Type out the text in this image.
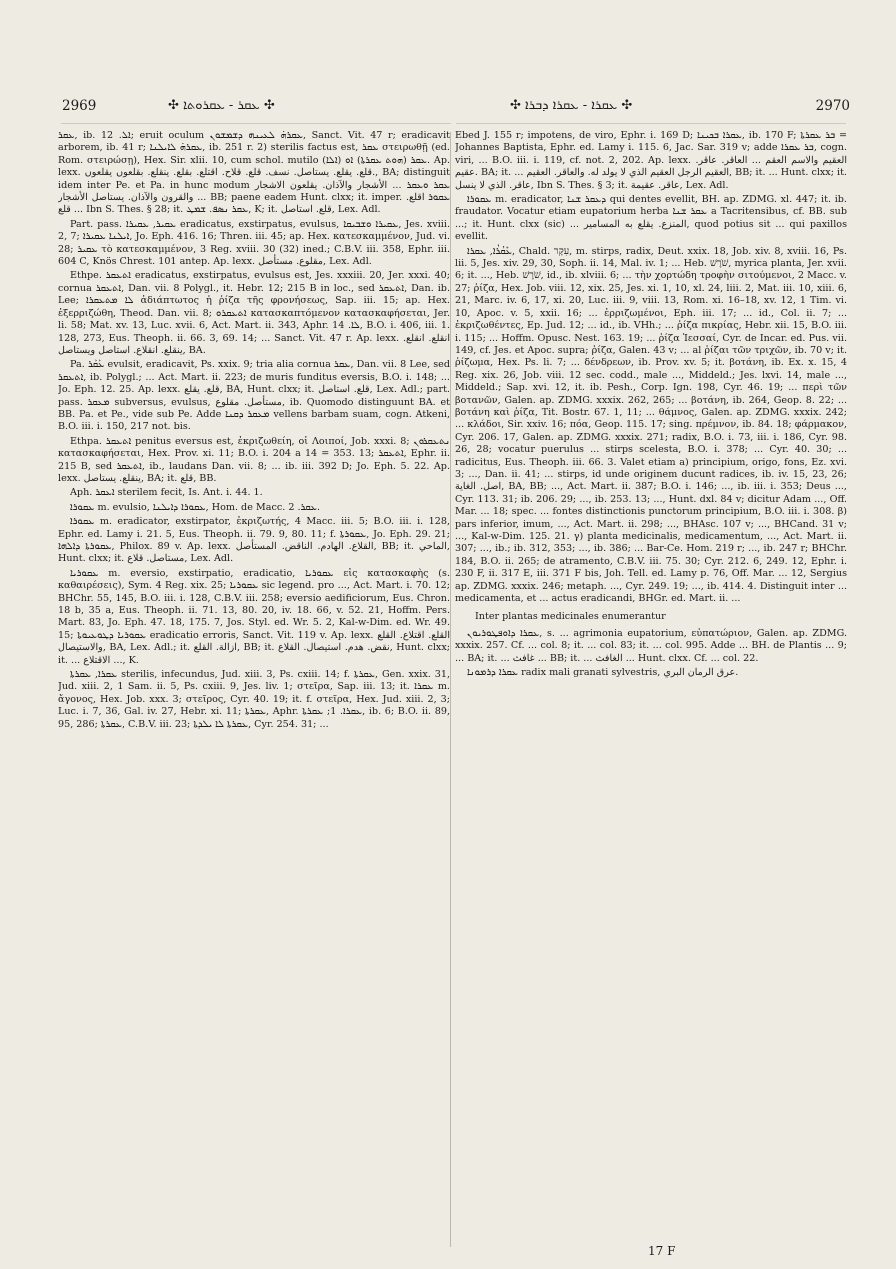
2969	✣ ܥܩܪ - ܥܩܪܘܬܐ ✣	✣ ܥܩܪܐ - ܥܩܪܐ ܕܒܪܐ ✣	2970

ܥܩܪ, ib. ܐܠ. 12; eruit oculum ܥܩܪܗ̇ ܠܥܝܢܗ ܕܫܡܫܘܢ, Sanct. Vit. 47 r; eradicavit arborem, ib. 41 r; ܥܩܪܗ̇ ܠܐܝܠܢܐ, ib. 251 r. 2) sterilis factus est, ܥܩܪ στειρωθῇ (ed. Rom. στειρώσῃ), Hex. Sir. xlii. 10, cum schol. mutilo (ܐܠܐ) ܥܩܪ (ܗܘܬ ܥܩܪܬܐ) ܐܘ. Ap. lexx. قلع. يقلع. يستاصل. نسف. قلع. قلاح. اقتلع. بقلع. ينقلع. بقلعوں يقلعوں., BA; distinguit idem inter Pe. et Pa. in hunc modum ܥܩܪ ܘܥܩܪ ... الأشجار والآذان. يقلعون الاشجار والقرون والآذان. يستاصل الأشجار ... BB; paene eadem Hunt. clxx; it. imper. ܥܩܘܪ اقلع. قلع ... Ibn S. Thes. § 28; it. ܥܩܪ ܢܣܦ. ܫܡܛ, K; it. قلع. استاصل, Lex. Adl.

Part. pass. ܥܩܝܪ, ܥܩܝܪܐ eradicatus, exstirpatus, evulsus, ܥܩܝܪܐ ܘܫܒܝܩܐ, Jes. xviii. 2, 7; ܐܝܠܢܐ ܥܩܝܪܐ, Jo. Eph. 416. 16; Thren. iii. 45; ap. Hex. κατεσκαμμένον, Jud. vi. 28; ܥܩܝܪ τὸ κατεσκαμμένον, 3 Reg. xviii. 30 (32) ined.; C.B.V. iii. 358, Ephr. iii. 604 C, Knös Chrest. 101 antep. Ap. lexx. مقلوع. مستأصل, Lex. Adl.

Ethpe. ܐܬܥܩܪ eradicatus, exstirpatus, evulsus est, Jes. xxxiii. 20, Jer. xxxi. 40; cornua ܐܬܥܩܪ, Dan. vii. 8 Polygl., it. Hebr. 12; 215 B in loc., sed ܐܬܥܩܪ, Dan. ib. Lee; ܠܐ ܡܬܥܩܪܐ ἀδιάπτωτος ἡ ῥίζα τῆς φρονήσεως, Sap. iii. 15; ap. Hex. ἐξερριζώθη, Theod. Dan. vii. 8; ܐܬܥܩܪܘ κατασκαπτόμενον κατασκαφήσεται, Jer. li. 58; Mat. xv. 13, Luc. xvii. 6, Act. Mart. ii. 343, Aphr. ܠܐ. 14, B.O. i. 406, iii. 1. 128, 273, Eus. Theoph. ii. 66. 3, 69. 14; ... Sanct. Vit. 47 r. Ap. lexx. انقلع. انقلع. ينقلع. انقلاع. استاصل ويستاصل, BA.

Pa. ܥܰܩܰܪ evulsit, eradicavit, Ps. xxix. 9; tria alia cornua ܥܩܪ, Dan. vii. 8 Lee, sed ܐܬܥܩܪ, ib. Polygl.; ... Act. Mart. ii. 223; de muris funditus eversis, B.O. i. 148; ... Jo. Eph. 12. 25. Ap. lexx. قلع. يقلع, BA, Hunt. clxx; it. قلع. استاصل, Lex. Adl.; part. pass. ܡܥܩܪ subversus, evulsus, مستأصل. مقلوع, ib. Quomodo distinguunt BA. et BB. Pa. et Pe., vide sub Pe. Adde ܡܥܩܪ ܕܩܢܐ vellens barbam suam, cogn. Atkeni, B.O. iii. i. 150, 217 not. bis.

Ethpa. ܐܬܥܩܪ penitus eversus est, ἐκριζωθείη, οἱ Λοιποί, Job. xxxi. 8; ܢܬܥܩܪܘܢ κατασκαφήσεται, Hex. Prov. xi. 11; B.O. i. 204 a 14 = 353. 13; ܐܬܥܩܪ, Ephr. ii. 215 B, sed ܐܬܥܩܪ, ib., laudans Dan. vii. 8; ... ib. iii. 392 D; Jo. Eph. 5. 22. Ap. lexx. ينقلع. يستاصل, BA; it. قلع, BB.

Aph. ܐܥܩܪ sterilem fecit, Is. Ant. i. 44. 1.

ܥܩܘܪܐ m. evulsio, ܥܩܘܪܐ ܕܐܝܠܢܐ, Hom. de Macc. ܥܩܪ. 2.

ܥܩܘܪܐ m. eradicator, exstirpator, ἐκριζωτής, 4 Macc. iii. 5; B.O. iii. i. 128, Ephr. ed. Lamy i. 21. 5, Eus. Theoph. ii. 79. 9, 80. 11; f. ܥܩܘܪܬܐ, Jo. Eph. 29. 21; ܥܩܘܪܬܐ ܕܐܠܗܐ, Philox. 89 v. Ap. lexx. القلاع. الهادم. الناقض. المستأصل, BB; it. الماحي, Hunt. clxx; it. مستاصل. قلاع, Lex. Adl.

ܥܩܘܪܝܐ m. eversio, exstirpatio, eradicatio, ܥܩܘܪܝܐ εἰς κατασκαφὴς (s. καθαιρέσεις), Sym. 4 Reg. xix. 25; ܥܩܘܪܝܐ sic legend. pro ..., Act. Mart. i. 70. 12; BHChr. 55, 145, B.O. iii. i. 128, C.B.V. iii. 258; eversio aedificiorum, Eus. Chron. 18 b, 35 a, Eus. Theoph. ii. 71. 13, 80. 20, iv. 18. 66, v. 52. 21, Hoffm. Pers. Mart. 83, Jo. Eph. 47. 18, 175. 7, Jos. Styl. ed. Wr. 5. 2, Kal-w-Dim. ed. Wr. 49. 15; ܥܩܘܪܝܐ ܕܛܘܥܝܘܬܐ eradicatio erroris, Sanct. Vit. 119 v. Ap. lexx. القلع. اقتلاع. القلع والاستيصال, BA, Lex. Adl.; it. ازالة. القلع, BB; it. نقض. هدم. استيصال. القلاع, Hunt. clxx; it. ... الاقتلاع ..., K.

ܥܩܪܐ, ܥܩܪܬܐ sterilis, infecundus, Jud. xiii. 3, Ps. cxiii. 14; f. ܥܩܪܬܐ, Gen. xxix. 31, Jud. xiii. 2, 1 Sam. ii. 5, Ps. cxiii. 9, Jes. liv. 1; στεῖρα, Sap. iii. 13; it. ܥܩܪܐ m. ἄγονος, Hex. Job. xxx. 3; στεῖρος, Cyr. 40. 19; it. f. στεῖρα, Hex. Jud. xiii. 2, 3; Luc. i. 7, 36, Gal. iv. 27, Hebr. xi. 11; ܥܩܪܬܐ, Aphr. ܥܩܪܐ. 1; ܥܩܪܬܐ, ib. 6; B.O. ii. 89, 95, 286; ܥܩܪܬܐ, C.B.V. iii. 23; ܥܩܪܬܐ ܠܐ ܝܠܕܬܐ, Cyr. 254. 31; ...

Ebed J. 155 r; impotens, de viro, Ephr. i. 169 D; ܥܩܪܐ ܒܟܝܢܐ, ib. 170 F; ܒܪ ܥܩܪܬܐ = Johannes Baptista, Ephr. ed. Lamy i. 115. 6, Jac. Sar. 319 v; adde ܒܪ ܥܩܪܐ, cogn. viri, ... B.O. iii. i. 119, cf. not. 2, 202. Ap. lexx. العقيم والاسم العقم ... العاقر. عاقر. عقيم. BA; it. ... العقيم الرجل العقيم الذي لا يولد له. والعاقر. العقيم, BB; it. ... Hunt. clxx; it. عاقر. الذي لا ينسل, Ibn S. Thes. § 3; it. عاقر. عقيمة, Lex. Adl.

ܥܩܘܪܐ m. eradicator, ܕܥܩܪ ܫܢܐ qui dentes evellit, BH. ap. ZDMG. xl. 447; it. ib. fraudator. Vocatur etiam eupatorium herba ܥܩܪ ܫܢܐ a Tacritensibus, cf. BB. sub ...; it. Hunt. clxx (sic) ... المنزع. يقلع به المسامير, quod potius sit ... qui paxillos evellit.

ܥܶܩܳܪܳܐ, ܥܩܪܐ, Chald. עִקָּר, m. stirps, radix, Deut. xxix. 18, Job. xiv. 8, xviii. 16, Ps. lii. 5, Jes. xiv. 29, 30, Soph. ii. 14, Mal. iv. 1; ... Heb. שֹׁרֶשׁ, myrica planta, Jer. xvii. 6; it. ..., Heb. שֹׁרֶשׁ, id., ib. xlviii. 6; ... τὴν χορτώδη τροφὴν σιτούμενοι, 2 Macc. v. 27; ῥίζα, Hex. Job. viii. 12, xix. 25, Jes. xi. 1, 10, xl. 24, liii. 2, Mat. iii. 10, xiii. 6, 21, Marc. iv. 6, 17, xi. 20, Luc. iii. 9, viii. 13, Rom. xi. 16–18, xv. 12, 1 Tim. vi. 10, Apoc. v. 5, xxii. 16; ... ἐρριζωμένοι, Eph. iii. 17; ... id., Col. ii. 7; ... ἐκριζωθέντες, Ep. Jud. 12; ... id., ib. VHh.; ... ῥίζα πικρίας, Hebr. xii. 15, B.O. iii. i. 115; ... Hoffm. Opusc. Nest. 163. 19; ... ῥίζα Ἰεσσαί, Cyr. de Incar. ed. Pus. vii. 149, cf. Jes. et Apoc. supra; ῥίζα, Galen. 43 v; ... al ῥίζαι τῶν τριχῶν, ib. 70 v; it. ῥίζωμα, Hex. Ps. li. 7; ... δένδρεων, ib. Prov. xv. 5; it. βοτάνη, ib. Ex. x. 15, 4 Reg. xix. 26, Job. viii. 12 sec. codd., male ..., Middeld.; Jes. lxvi. 14, male ..., Middeld.; Sap. xvi. 12, it. ib. Pesh., Corp. Ign. 198, Cyr. 46. 19; ... περὶ τῶν βοτανῶν, Galen. ap. ZDMG. xxxix. 262, 265; ... βοτάνη, ib. 264, Geop. 8. 22; ... βοτάνη καὶ ῥίζα, Tit. Bostr. 67. 1, 11; ... θάμνος, Galen. ap. ZDMG. xxxix. 242; ... κλάδοι, Sir. xxiv. 16; πόα, Geop. 115. 17; sing. πρέμνον, ib. 84. 18; φάρμακον, Cyr. 206. 17, Galen. ap. ZDMG. xxxix. 271; radix, B.O. i. 73, iii. i. 186, Cyr. 98. 26, 28; vocatur puerulus ... stirps scelesta, B.O. i. 378; ... Cyr. 40. 30; ... radicitus, Eus. Theoph. iii. 66. 3. Valet etiam a) principium, origo, fons, Ez. xvi. 3; ..., Dan. ii. 41; ... stirps, id unde originem ducunt radices, ib. iv. 15, 23, 26; اصل. الغاية, BA, BB; ..., Act. Mart. ii. 387; B.O. i. 146; ..., ib. iii. i. 353; Deus ..., Cyr. 113. 31; ib. 206. 29; ..., ib. 253. 13; ..., Hunt. dxl. 84 v; dicitur Adam ..., Off. Mar. ... 18; spec. ... fontes distinctionis punctorum principium, B.O. iii. i. 308. β) pars inferior, imum, ..., Act. Mart. ii. 298; ..., BHAsc. 107 v; ..., BHCand. 31 v; ..., Kal-w-Dim. 125. 21. γ) planta medicinalis, medicamentum, ..., Act. Mart. ii. 307; ..., ib.; ib. 312, 353; ..., ib. 386; ... Bar-Ce. Hom. 219 r; ..., ib. 247 r; BHChr. 184, B.O. ii. 265; de atramento, C.B.V. iii. 75. 30; Cyr. 212. 6, 249. 12, Ephr. i. 230 F, ii. 317 E, iii. 371 F bis, Joh. Tell. ed. Lamy p. 76, Off. Mar. ... 12, Sergius ap. ZDMG. xxxix. 246; metaph. ..., Cyr. 249. 19; ..., ib. 414. 4. Distinguit inter ... medicamenta, et ... actus eradicandi, BHGr. ed. Mart. ii. ...

Inter plantas medicinales enumerantur

ܥܩܪܐ ܕܐܘܦܛܘܪܝܘܢ, s. ... agrimonia eupatorium, εὐπατώριον, Galen. ap. ZDMG. xxxix. 257. Cf. ... col. 8; it. ... col. 83; it. ... col. 995. Adde ... BH. de Plantis ... 9; ... BA; it. ... غافث ... BB; it. ... الغافث ... Hunt. clxx. Cf. ... col. 22.

ܥܩܪܐ ܕܪܡܘܢܐ radix mali granati sylvestris, عرق الرمان البري.

17 F
